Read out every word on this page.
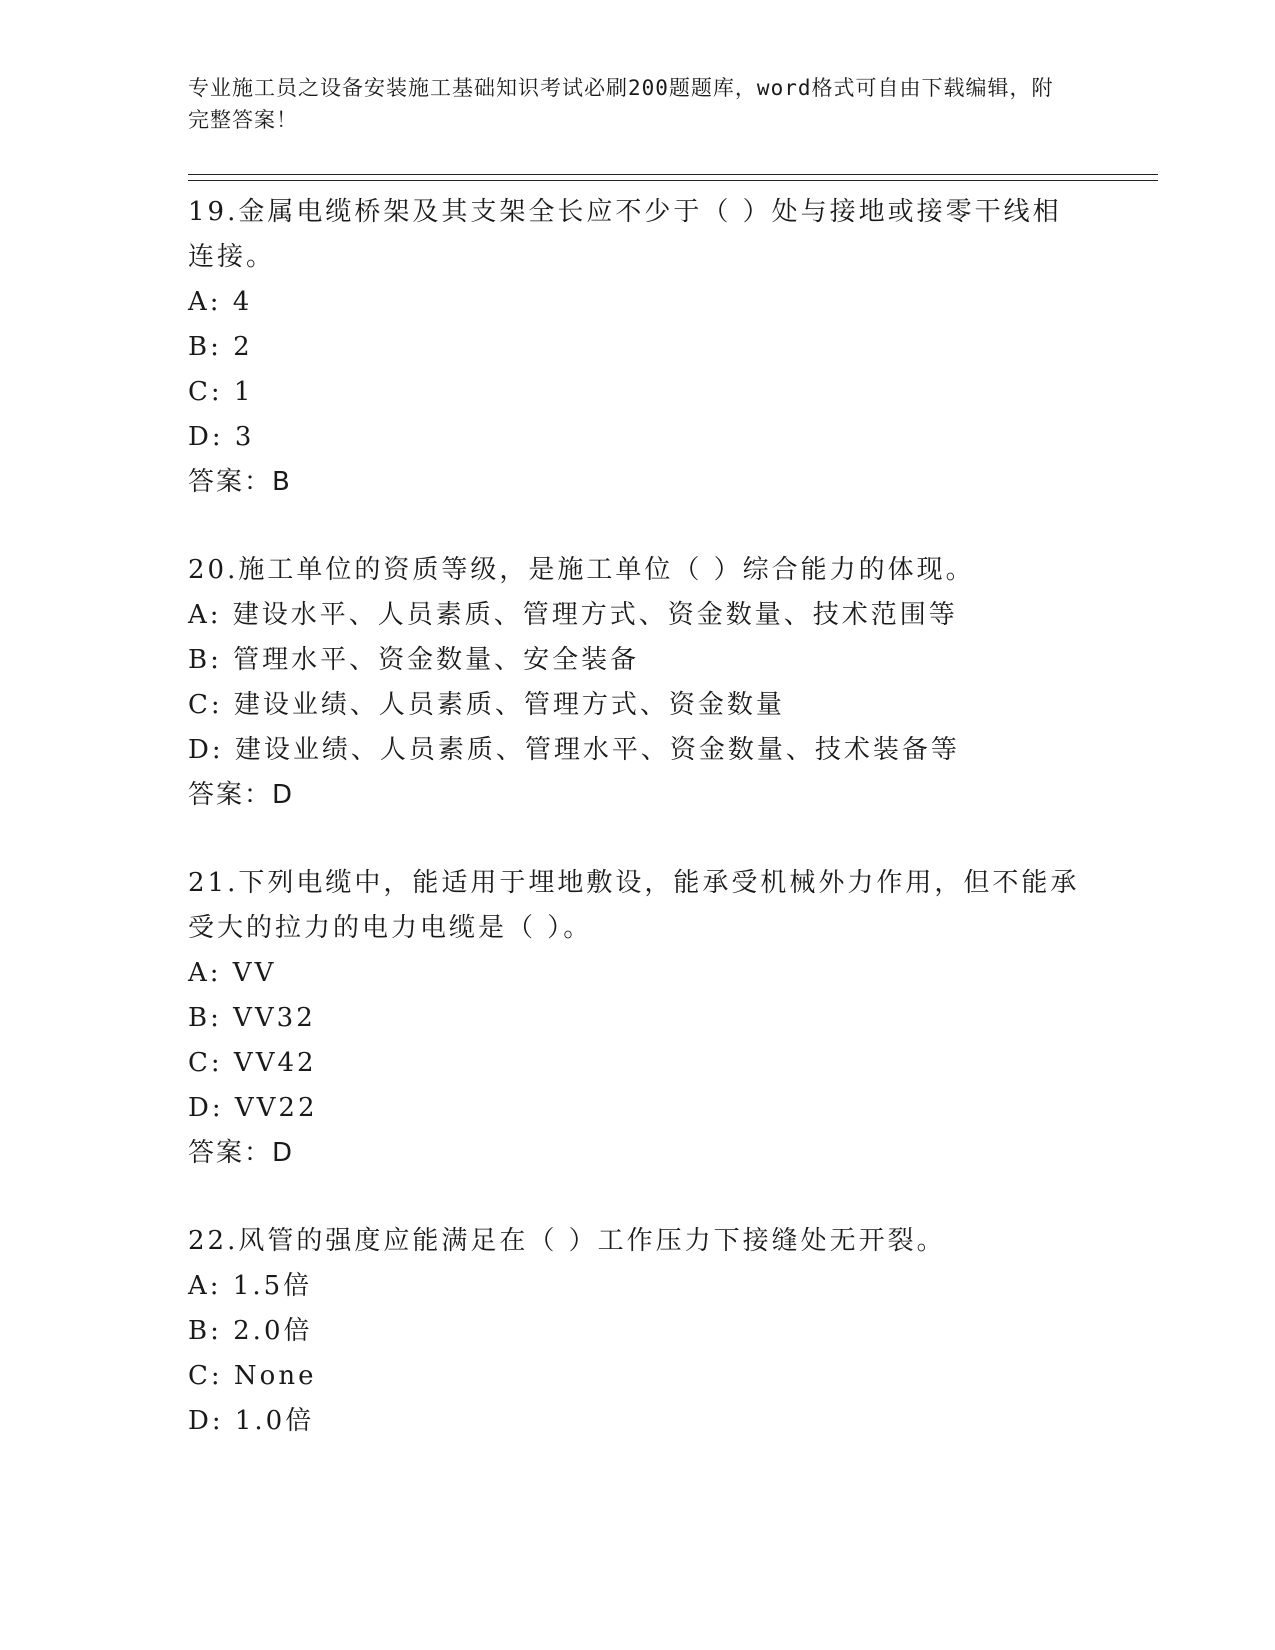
专业施工员之设备安装施工基础知识考试必刷200题题库，word格式可自由下载编辑，附完整答案！

19.金属电缆桥架及其支架全长应不少于（ ）处与接地或接零干线相连接。

A: 4

B: 2

C: 1

D: 3

答案：B

20.施工单位的资质等级，是施工单位（ ）综合能力的体现。

A: 建设水平、人员素质、管理方式、资金数量、技术范围等

B: 管理水平、资金数量、安全装备

C: 建设业绩、人员素质、管理方式、资金数量

D: 建设业绩、人员素质、管理水平、资金数量、技术装备等

答案：D

21.下列电缆中，能适用于埋地敷设，能承受机械外力作用，但不能承受大的拉力的电力电缆是（ ）。

A: VV

B: VV32

C: VV42

D: VV22

答案：D

22.风管的强度应能满足在（ ）工作压力下接缝处无开裂。

A: 1.5倍

B: 2.0倍

C: None

D: 1.0倍
